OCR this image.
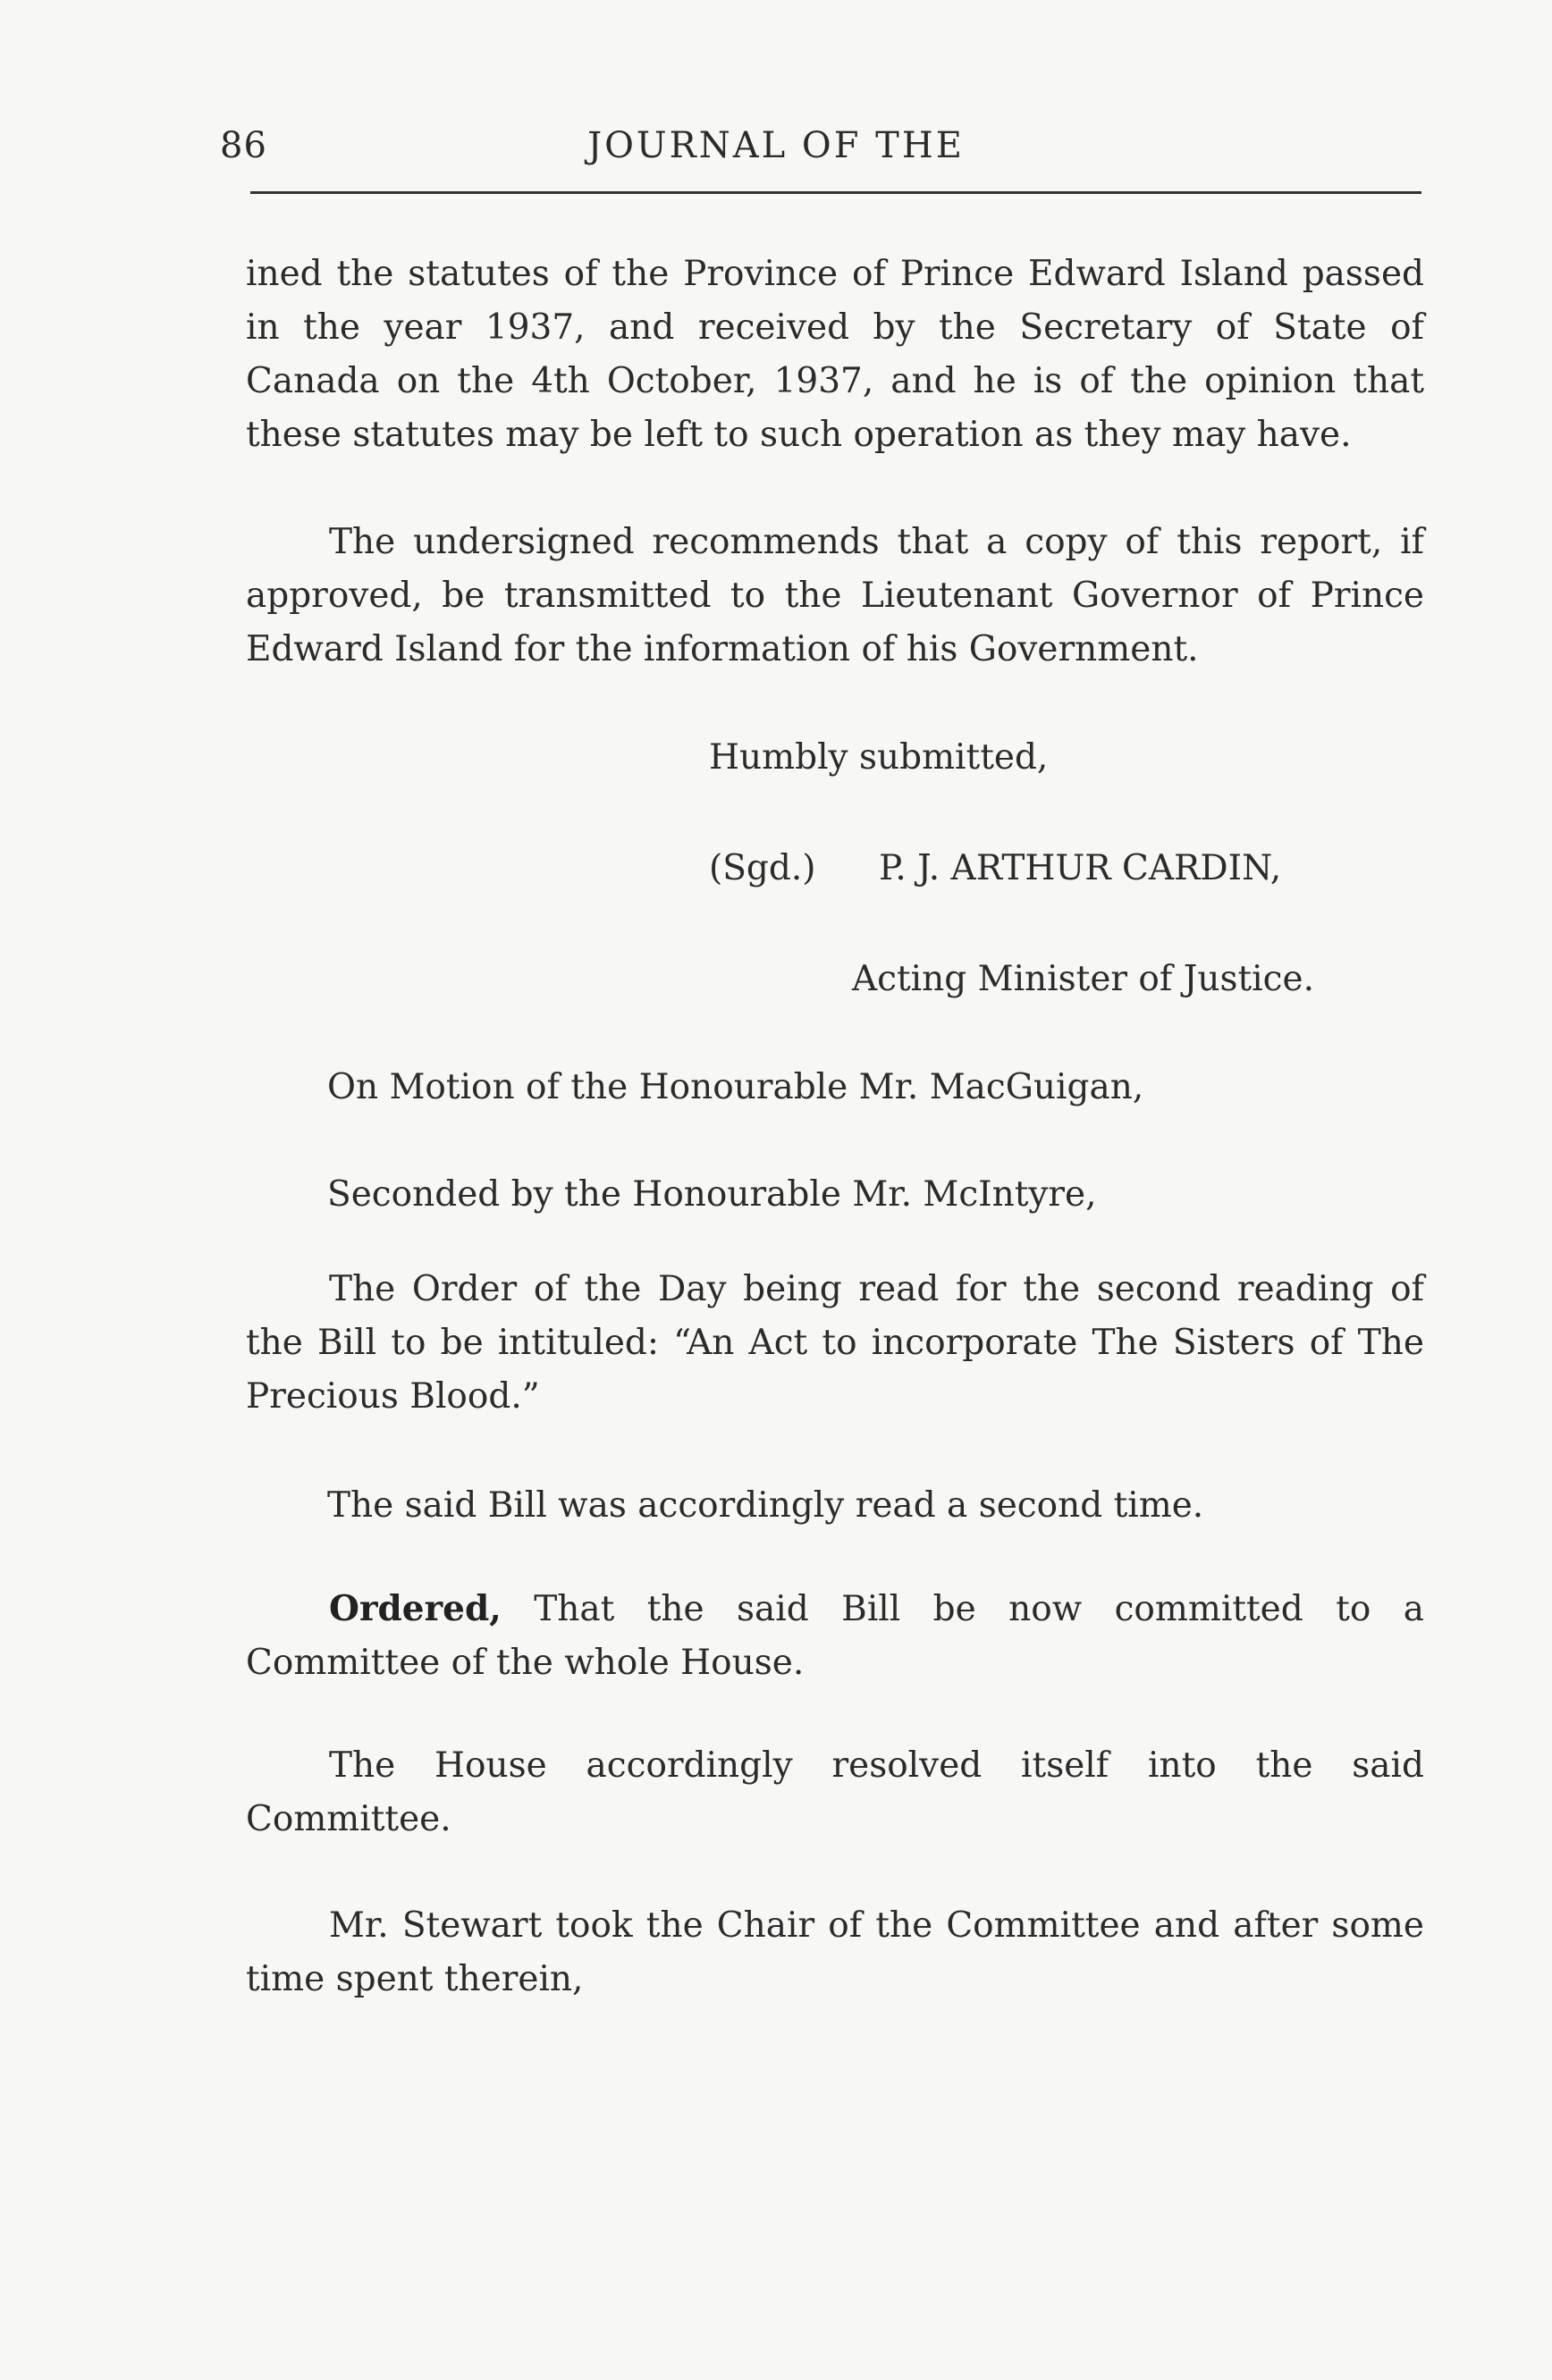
86	JOURNAL OF THE

ined the statutes of the Province of Prince Edward Island passed in the year 1937, and received by the Secretary of State of Canada on the 4th October, 1937, and he is of the opinion that these statutes may be left to such operation as they may have.

The undersigned recommends that a copy of this report, if approved, be transmitted to the Lieutenant Governor of Prince Edward Island for the information of his Government.

Humbly submitted,
(Sgd.) P. J. ARTHUR CARDIN,
Acting Minister of Justice.
On Motion of the Honourable Mr. MacGuigan,
Seconded by the Honourable Mr. McIntyre,

The Order of the Day being read for the second reading of the Bill to be intituled: “An Act to incorporate The Sisters of The Precious Blood.”

The said Bill was accordingly read a second time.

Ordered, That the said Bill be now committed to a Committee of the whole House.

The House accordingly resolved itself into the said Committee.

Mr. Stewart took the Chair of the Committee and after some time spent therein,
